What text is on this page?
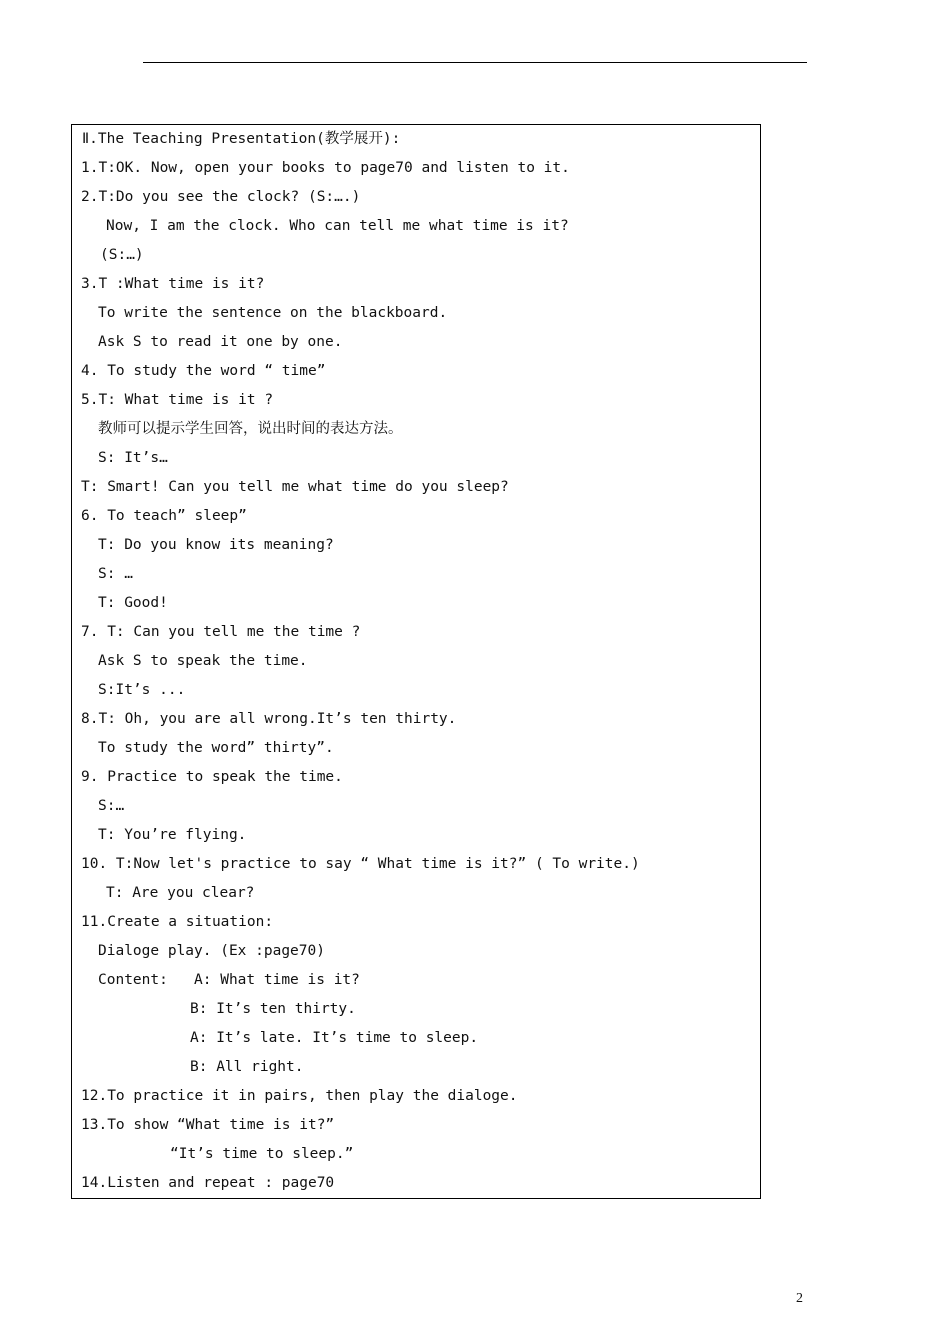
Ⅱ.The Teaching Presentation(教学展开):
1.T:OK. Now, open your books to page70 and listen to it.
2.T:Do you see the clock? (S:….)
Now, I am the clock. Who can tell me what time is it?
(S:…)
3.T :What time is it?
To write the sentence on the blackboard.
Ask S to read it one by one.
4. To study the word “ time”
5.T: What time is it ?
教师可以提示学生回答，说出时间的表达方法。
S: It’s…
T: Smart! Can you tell me what time do you sleep?
6. To teach” sleep”
T: Do you know its meaning?
S: …
T: Good!
7. T: Can you tell me the time ?
Ask S to speak the time.
S:It’s ...
8.T: Oh, you are all wrong.It’s ten thirty.
To study the word” thirty”.
9. Practice to speak the time.
S:…
T: You’re flying.
10. T:Now let's practice to say “ What time is it?” ( To write.)
T: Are you clear?
11.Create a situation:
Dialoge play. (Ex :page70)
Content:   A: What time is it?
B: It’s ten thirty.
A: It’s late. It’s time to sleep.
B: All right.
12.To practice it in pairs, then play the dialoge.
13.To show “What time is it?”
“It’s time to sleep.”
14.Listen and repeat : page70
2
